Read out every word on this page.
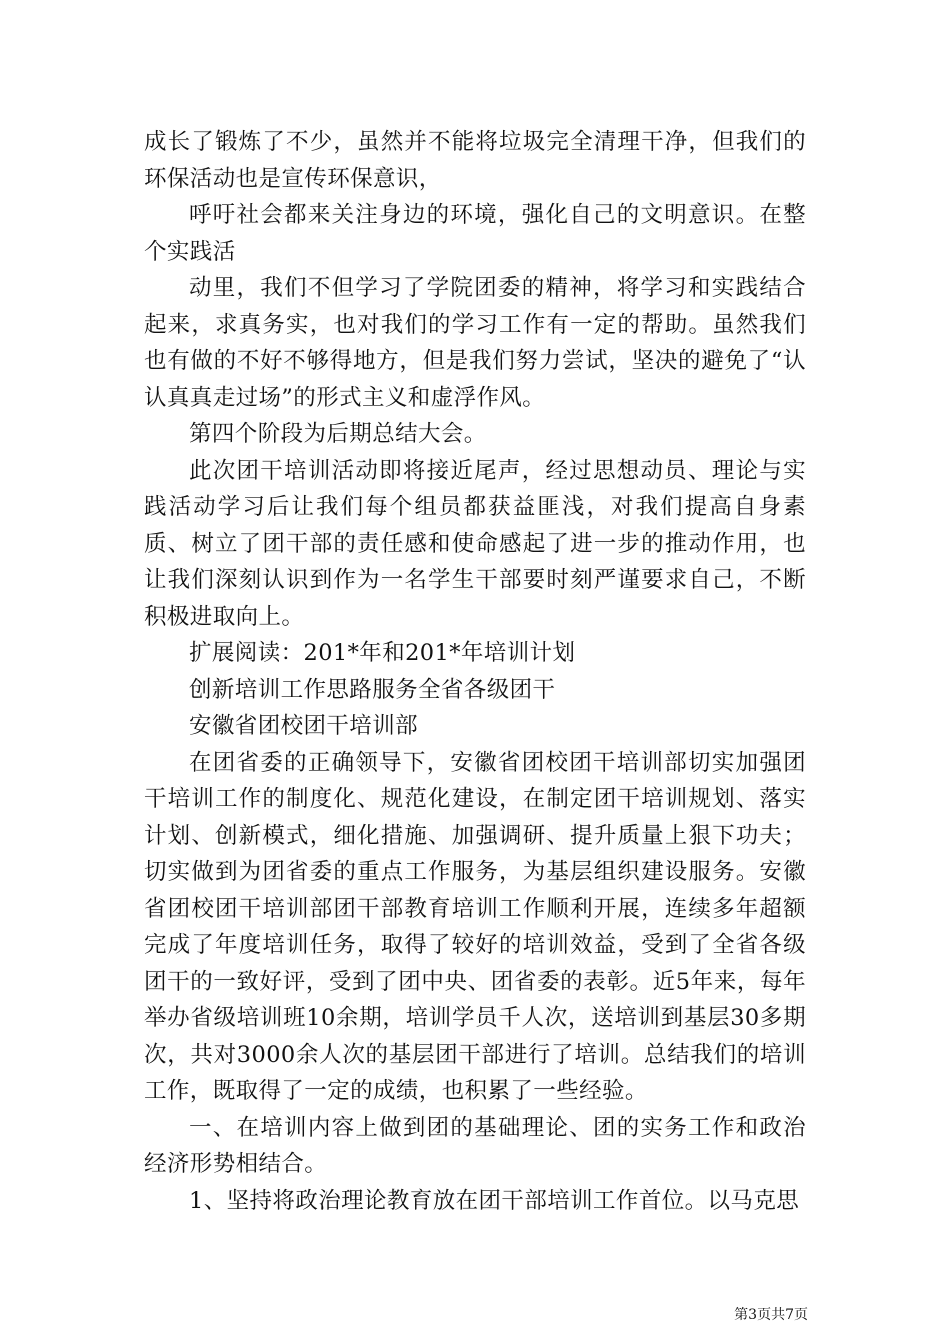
成长了锻炼了不少，虽然并不能将垃圾完全清理干净，但我们的环保活动也是宣传环保意识，

呼吁社会都来关注身边的环境，强化自己的文明意识。在整个实践活

动里，我们不但学习了学院团委的精神，将学习和实践结合起来，求真务实，也对我们的学习工作有一定的帮助。虽然我们也有做的不好不够得地方，但是我们努力尝试，坚决的避免了“认认真真走过场”的形式主义和虚浮作风。

第四个阶段为后期总结大会。

此次团干培训活动即将接近尾声，经过思想动员、理论与实践活动学习后让我们每个组员都获益匪浅，对我们提高自身素质、树立了团干部的责任感和使命感起了进一步的推动作用，也让我们深刻认识到作为一名学生干部要时刻严谨要求自己，不断积极进取向上。

扩展阅读：201*年和201*年培训计划

创新培训工作思路服务全省各级团干

安徽省团校团干培训部

在团省委的正确领导下，安徽省团校团干培训部切实加强团干培训工作的制度化、规范化建设，在制定团干培训规划、落实计划、创新模式，细化措施、加强调研、提升质量上狠下功夫；切实做到为团省委的重点工作服务，为基层组织建设服务。安徽省团校团干培训部团干部教育培训工作顺利开展，连续多年超额完成了年度培训任务，取得了较好的培训效益，受到了全省各级团干的一致好评，受到了团中央、团省委的表彰。近5年来，每年举办省级培训班10余期，培训学员千人次，送培训到基层30多期次，共对3000余人次的基层团干部进行了培训。总结我们的培训工作，既取得了一定的成绩，也积累了一些经验。

一、在培训内容上做到团的基础理论、团的实务工作和政治经济形势相结合。

1、坚持将政治理论教育放在团干部培训工作首位。以马克思

第3页共7页
